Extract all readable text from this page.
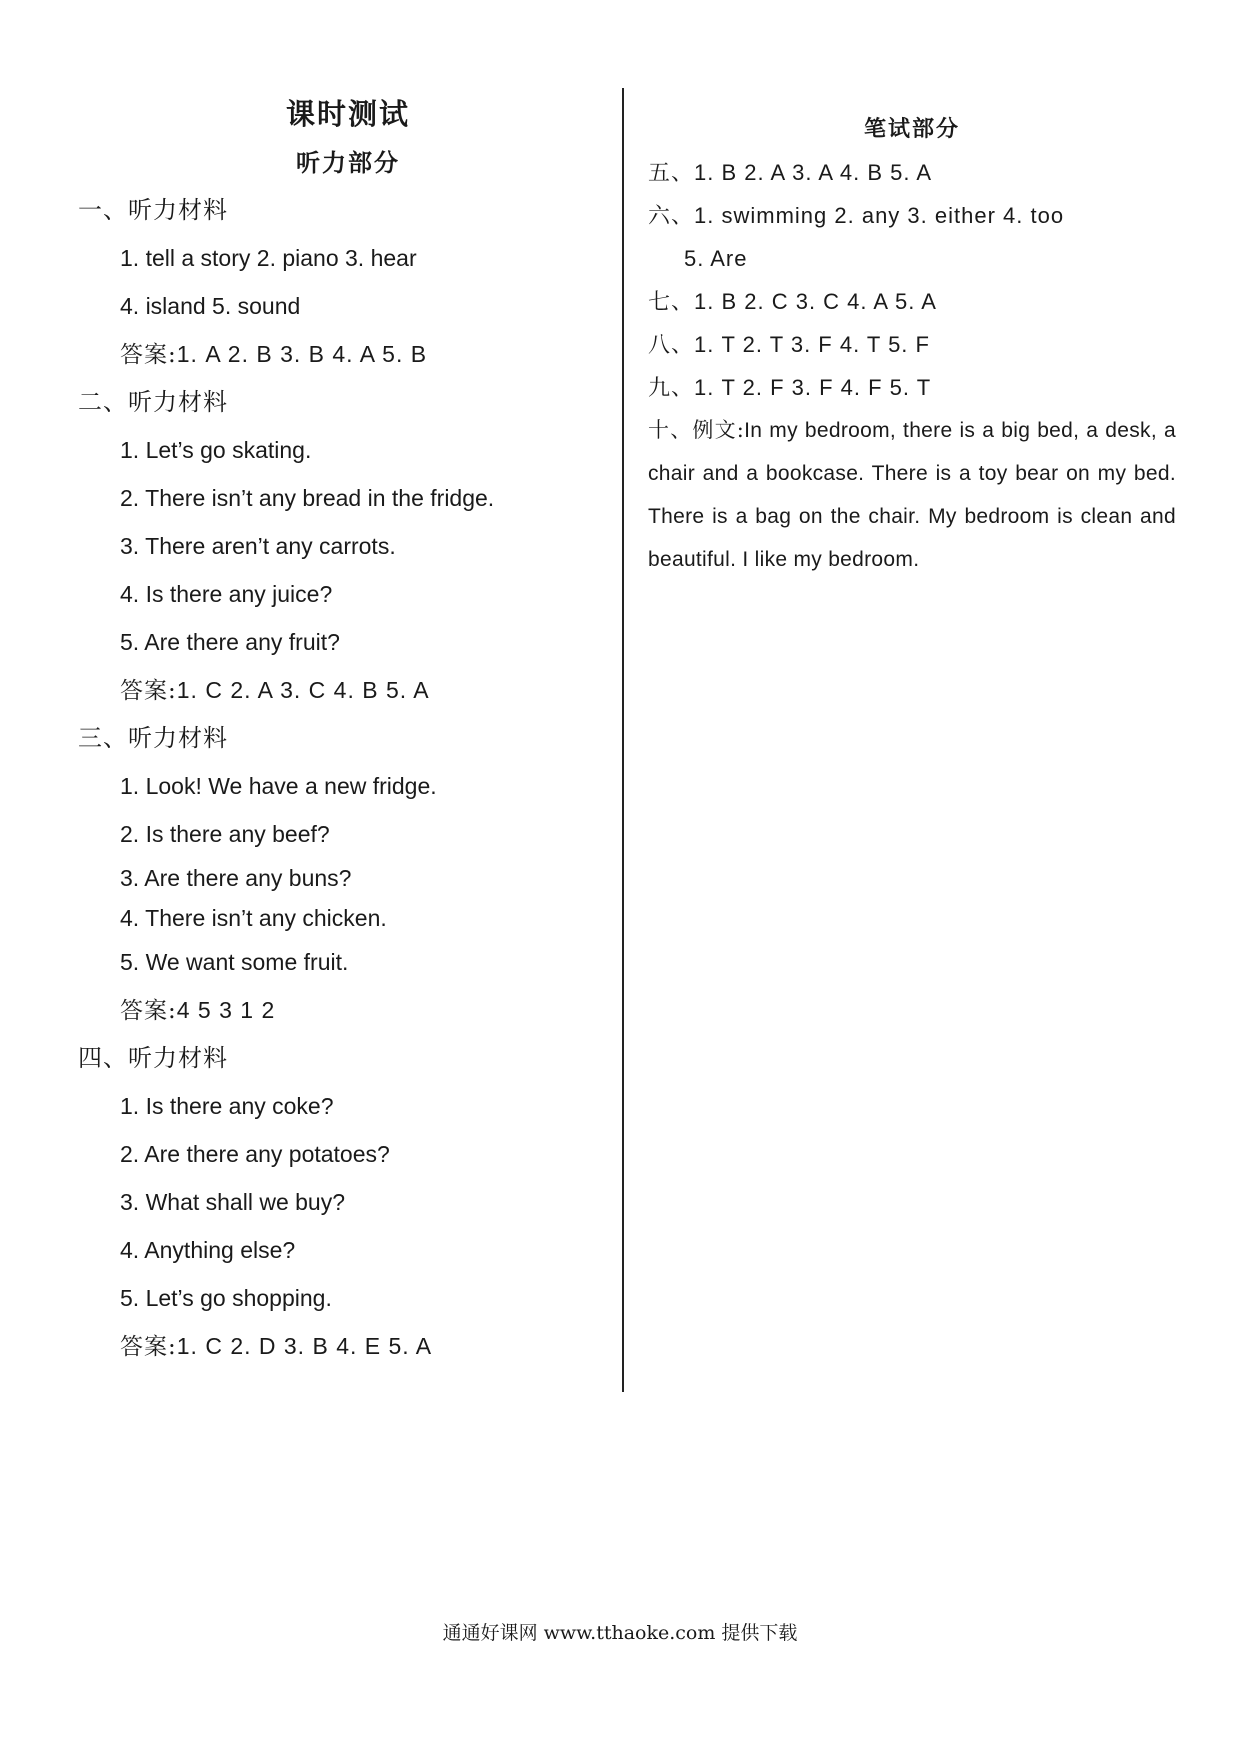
课时测试
听力部分
一、听力材料
1. tell a story 2. piano 3. hear
4. island 5. sound
答案:1. A 2. B 3. B 4. A 5. B
二、听力材料
1. Let’s go skating.
2. There isn’t any bread in the fridge.
3. There aren’t any carrots.
4. Is there any juice?
5. Are there any fruit?
答案:1. C 2. A 3. C 4. B 5. A
三、听力材料
1. Look! We have a new fridge.
2. Is there any beef?
3. Are there any buns?
4. There isn’t any chicken.
5. We want some fruit.
答案:4 5 3 1 2
四、听力材料
1. Is there any coke?
2. Are there any potatoes?
3. What shall we buy?
4. Anything else?
5. Let’s go shopping.
答案:1. C 2. D 3. B 4. E 5. A
笔试部分
五、1. B 2. A 3. A 4. B 5. A
六、1. swimming 2. any 3. either 4. too
5. Are
七、1. B 2. C 3. C 4. A 5. A
八、1. T 2. T 3. F 4. T 5. F
九、1. T 2. F 3. F 4. F 5. T
十、例文:In my bedroom, there is a big bed, a desk, a chair and a bookcase. There is a toy bear on my bed. There is a bag on the chair. My bedroom is clean and beautiful. I like my bedroom.
通通好课网 www.tthaoke.com 提供下载
